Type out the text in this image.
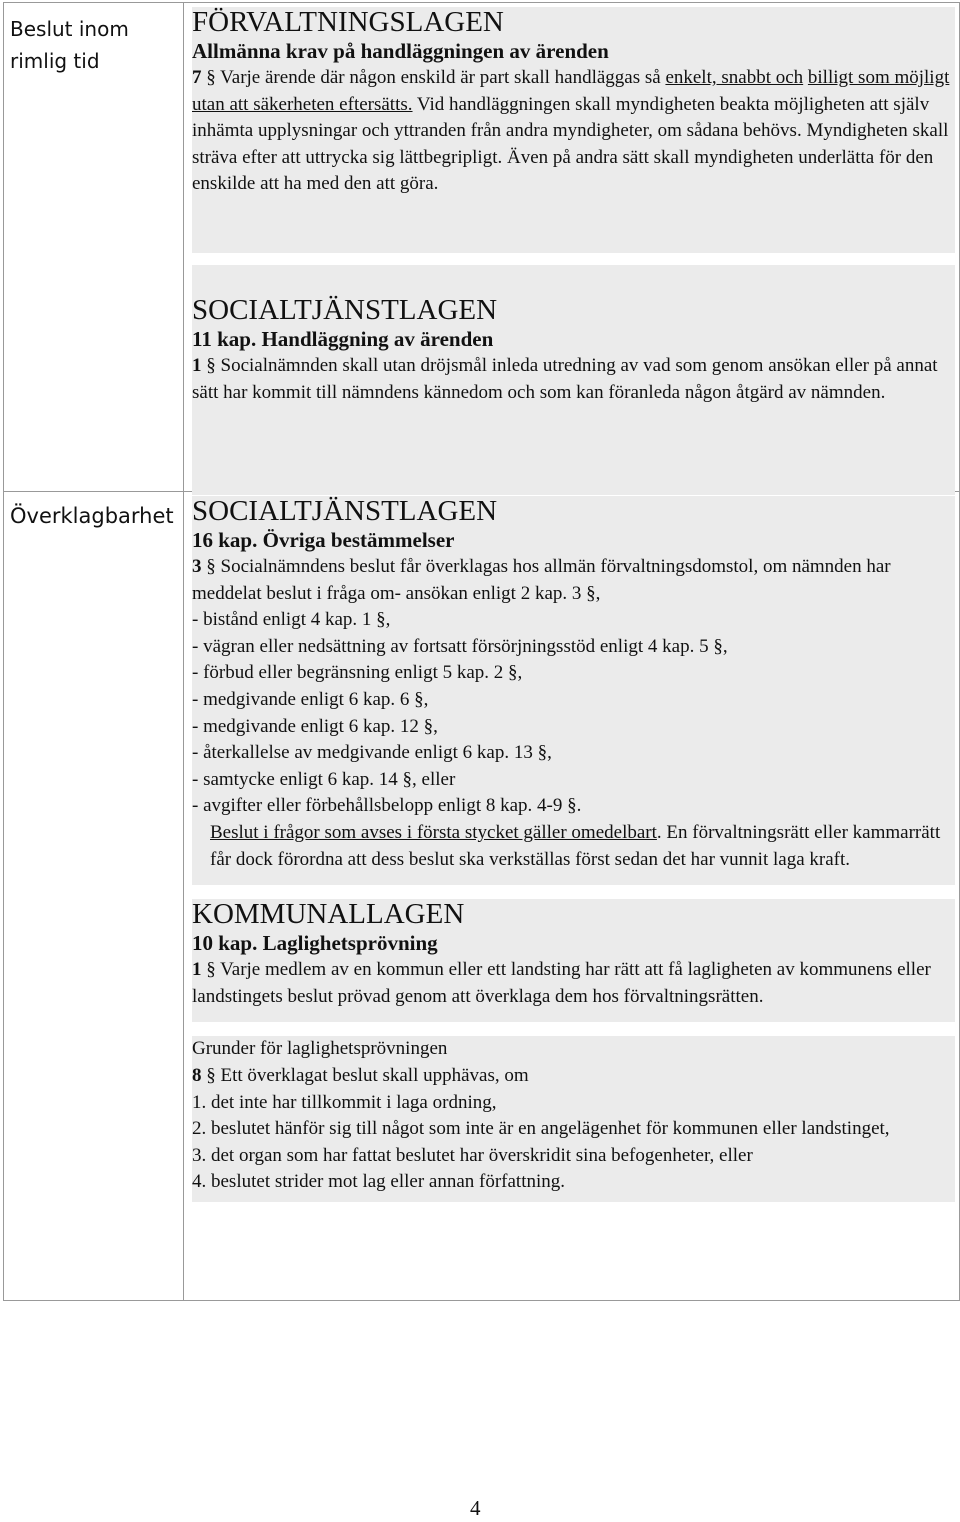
Beslut inom rimlig tid
FÖRVALTNINGSLAGEN
Allmänna krav på handläggningen av ärenden
7 § Varje ärende där någon enskild är part skall handläggas så enkelt, snabbt och billigt som möjligt utan att säkerheten eftersätts. Vid handläggningen skall myndigheten beakta möjligheten att själv inhämta upplysningar och yttranden från andra myndigheter, om sådana behövs. Myndigheten skall sträva efter att uttrycka sig lättbegripligt. Även på andra sätt skall myndigheten underlätta för den enskilde att ha med den att göra.
SOCIALTJÄNSTLAGEN
11 kap. Handläggning av ärenden
1 § Socialnämnden skall utan dröjsmål inleda utredning av vad som genom ansökan eller på annat sätt har kommit till nämndens kännedom och som kan föranleda någon åtgärd av nämnden.
Överklagbarhet SOCIALTJÄNSTLAGEN
16 kap. Övriga bestämmelser
3 § Socialnämndens beslut får överklagas hos allmän förvaltningsdomstol, om nämnden har meddelat beslut i fråga om- ansökan enligt 2 kap. 3 §,
- bistånd enligt 4 kap. 1 §,
- vägran eller nedsättning av fortsatt försörjningsstöd enligt 4 kap. 5 §,
- förbud eller begränsning enligt 5 kap. 2 §,
- medgivande enligt 6 kap. 6 §,
- medgivande enligt 6 kap. 12 §,
- återkallelse av medgivande enligt 6 kap. 13 §,
- samtycke enligt 6 kap. 14 §, eller
- avgifter eller förbehållsbelopp enligt 8 kap. 4-9 §.
Beslut i frågor som avses i första stycket gäller omedelbart. En förvaltningsrätt eller kammarrätt får dock förordna att dess beslut ska verkställas först sedan det har vunnit laga kraft.
KOMMUNALLAGEN
10 kap. Laglighetsprövning
1 § Varje medlem av en kommun eller ett landsting har rätt att få lagligheten av kommunens eller landstingets beslut prövad genom att överklaga dem hos förvaltningsrätten.
Grunder för laglighetsprövningen
8 § Ett överklagat beslut skall upphävas, om
1. det inte har tillkommit i laga ordning,
2. beslutet hänför sig till något som inte är en angelägenhet för kommunen eller landstinget,
3. det organ som har fattat beslutet har överskridit sina befogenheter, eller
4. beslutet strider mot lag eller annan författning.
4
